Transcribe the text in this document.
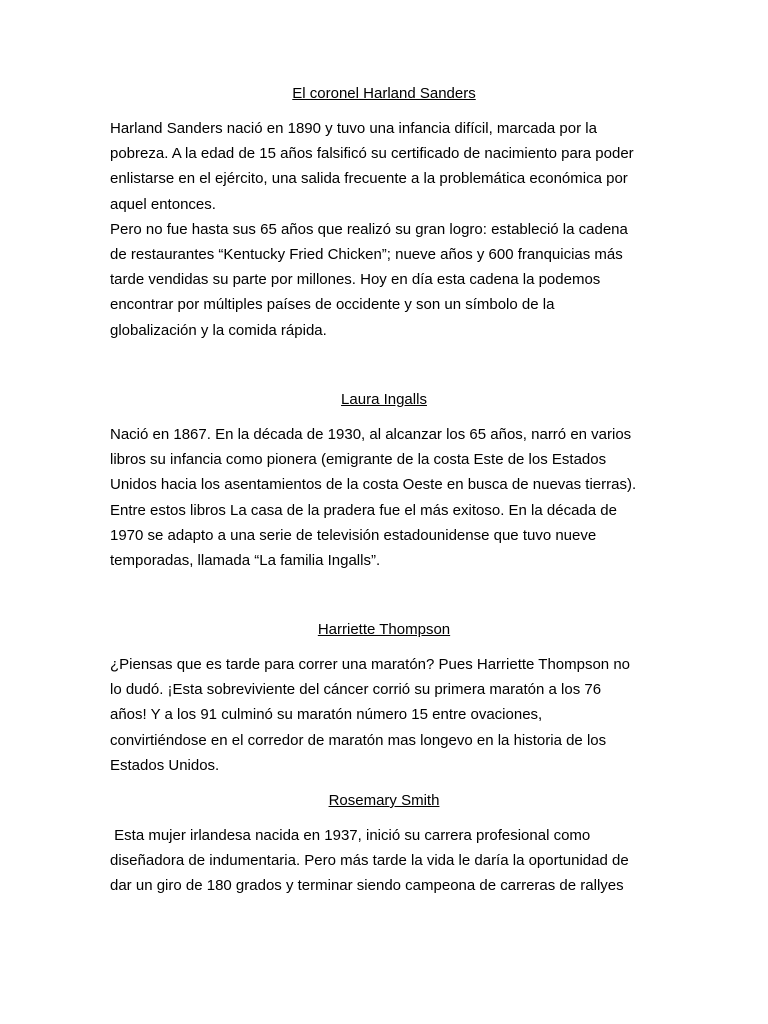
El coronel Harland Sanders
Harland Sanders nació en 1890 y tuvo una infancia difícil, marcada por la
pobreza. A la edad de 15 años falsificó su certificado de nacimiento para poder
enlistarse en el ejército, una salida frecuente a la problemática económica por
aquel entonces.
Pero no fue hasta sus 65 años que realizó su gran logro: estableció la cadena
de restaurantes “Kentucky Fried Chicken”; nueve años y 600 franquicias más
tarde vendidas su parte por millones. Hoy en día esta cadena la podemos
encontrar por múltiples países de occidente y son un símbolo de la
globalización y la comida rápida.
Laura Ingalls
Nació en 1867. En la década de 1930, al alcanzar los 65 años, narró en varios
libros su infancia como pionera (emigrante de la costa Este de los Estados
Unidos hacia los asentamientos de la costa Oeste en busca de nuevas tierras).
Entre estos libros La casa de la pradera fue el más exitoso. En la década de
1970 se adapto a una serie de televisión estadounidense que tuvo nueve
temporadas, llamada “La familia Ingalls”.
Harriette Thompson
¿Piensas que es tarde para correr una maratón? Pues Harriette Thompson no
lo dudó. ¡Esta sobreviviente del cáncer corrió su primera maratón a los 76
años! Y a los 91 culminó su maratón número 15 entre ovaciones,
convirtiéndose en el corredor de maratón mas longevo en la historia de los
Estados Unidos.
Rosemary Smith
Esta mujer irlandesa nacida en 1937, inició su carrera profesional como
diseñadora de indumentaria. Pero más tarde la vida le daría la oportunidad de
dar un giro de 180 grados y terminar siendo campeona de carreras de rallyes
